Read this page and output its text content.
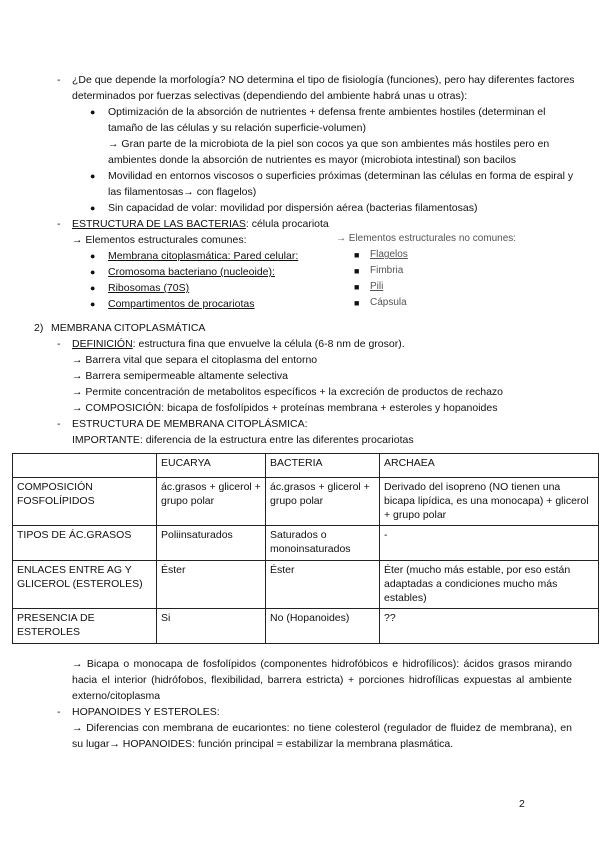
- ¿De que depende la morfología? NO determina el tipo de fisiología (funciones), pero hay diferentes factores determinados por fuerzas selectivas (dependiendo del ambiente habrá unas u otras):
● Optimización de la absorción de nutrientes + defensa frente ambientes hostiles (determinan el tamaño de las células y su relación superficie-volumen)
→ Gran parte de la microbiota de la piel son cocos ya que son ambientes más hostiles pero en ambientes donde la absorción de nutrientes es mayor (microbiota intestinal) son bacilos
● Movilidad en entornos viscosos o superficies próximas (determinan las células en forma de espiral y las filamentosas→ con flagelos)
● Sin capacidad de volar: movilidad por dispersión aérea (bacterias filamentosas)
- ESTRUCTURA DE LAS BACTERIAS: célula procariota
→ Elementos estructurales comunes:	→ Elementos estructurales no comunes:
● Membrana citoplasmática: Pared celular:
● Cromosoma bacteriano (nucleoide):
● Ribosomas (70S)
● Compartimentos de procariotas
■ Flagelos
■ Fimbria
■ Pili
■ Cápsula
2) MEMBRANA CITOPLASMÁTICA
- DEFINICIÓN: estructura fina que envuelve la célula (6-8 nm de grosor).
→ Barrera vital que separa el citoplasma del entorno
→ Barrera semipermeable altamente selectiva
→ Permite concentración de metabolitos específicos + la excreción de productos de rechazo
→ COMPOSICIÓN: bicapa de fosfolípidos + proteínas membrana + esteroles y hopanoides
- ESTRUCTURA DE MEMBRANA CITOPLÁSMICA:
IMPORTANTE: diferencia de la estructura entre las diferentes procariotas
	EUCARYA	BACTERIA	ARCHAEA
COMPOSICIÓN FOSFOLÍPIDOS	ác.grasos + glicerol + grupo polar	ác.grasos + glicerol + grupo polar	Derivado del isopreno (NO tienen una bicapa lipídica, es una monocapa) + glicerol + grupo polar
TIPOS DE ÁC.GRASOS	Poliinsaturados	Saturados o monoinsaturados	-
ENLACES ENTRE AG Y GLICEROL (ESTEROLES)	Éster	Éster	Éter (mucho más estable, por eso están adaptadas a condiciones mucho más estables)
PRESENCIA DE ESTEROLES	Si	No (Hopanoides)	??
→ Bicapa o monocapa de fosfolípidos (componentes hidrofóbicos e hidrofílicos): ácidos grasos mirando hacia el interior (hidrófobos, flexibilidad, barrera estricta) + porciones hidrofílicas expuestas al ambiente externo/citoplasma
- HOPANOIDES Y ESTEROLES:
→ Diferencias con membrana de eucariontes: no tiene colesterol (regulador de fluidez de membrana), en su lugar→ HOPANOIDES: función principal = estabilizar la membrana plasmática.
2
